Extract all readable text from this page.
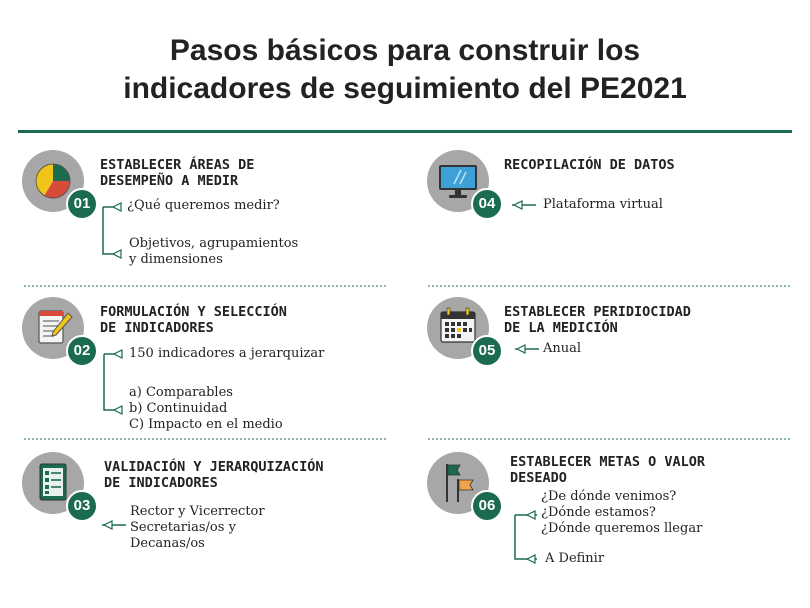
Pasos básicos para construir los
indicadores de seguimiento del PE2021
01
ESTABLECER ÁREAS DE
DESEMPEÑO A MEDIR
¿Qué queremos medir?
Objetivos, agrupamientos
y dimensiones
02
FORMULACIÓN Y SELECCIÓN
DE INDICADORES
150 indicadores a jerarquizar
a) Comparables
b) Continuidad
C) Impacto en el medio
03
VALIDACIÓN Y JERARQUIZACIÓN
DE INDICADORES
Rector y Vicerrector
Secretarias/os y
Decanas/os
04
RECOPILACIÓN DE DATOS
Plataforma virtual
05
ESTABLECER PERIDIOCIDAD
DE LA MEDICIÓN
Anual
06
ESTABLECER METAS O VALOR
DESEADO
¿De dónde venimos?
¿Dónde estamos?
¿Dónde queremos llegar
A Definir
